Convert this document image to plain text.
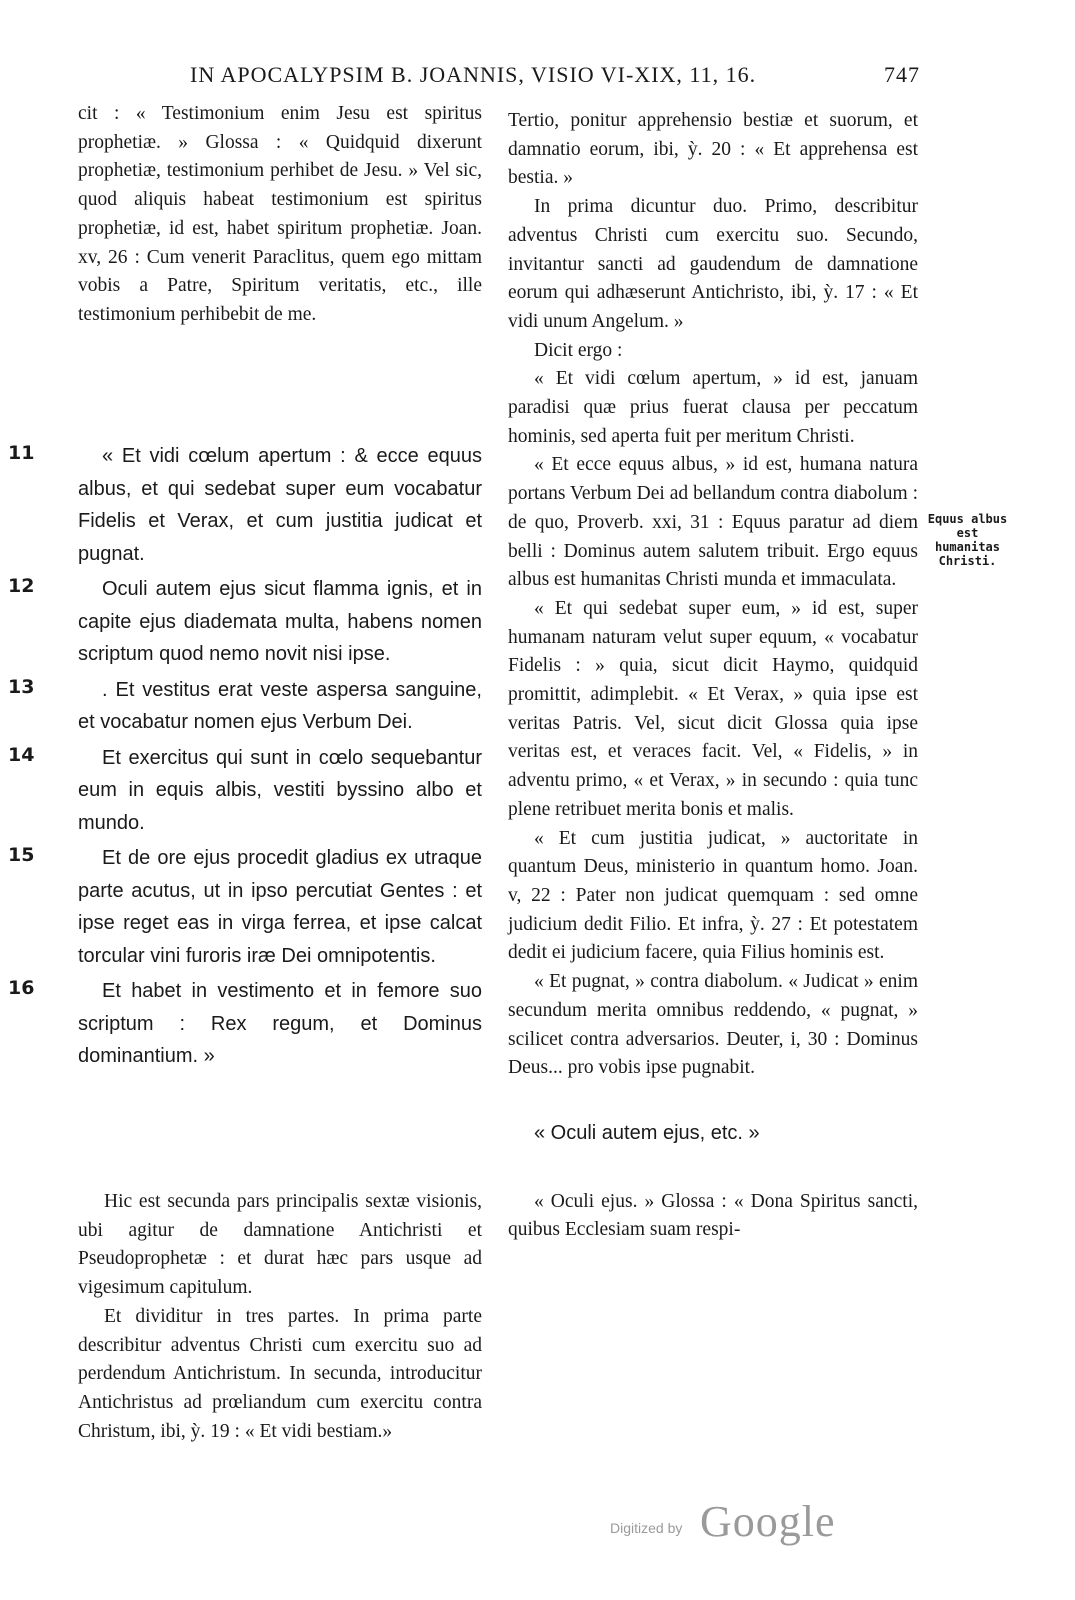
IN APOCALYPSIM B. JOANNIS, VISIO VI-XIX, 11, 16.	747

cit : « Testimonium enim Jesu est spiritus prophetiæ. » Glossa : « Quidquid dixerunt prophetiæ, testimonium perhibet de Jesu. » Vel sic, quod aliquis habeat testimonium est spiritus prophetiæ, id est, habet spiritum prophetiæ. Joan. xv, 26 : Cum venerit Paraclitus, quem ego mittam vobis a Patre, Spiritum veritatis, etc., ille testimonium perhibebit de me.

11	« Et vidi cœlum apertum : & ecce equus albus, et qui sedebat super eum vocabatur Fidelis et Verax, et cum justitia judicat et pugnat.
12	Oculi autem ejus sicut flamma ignis, et in capite ejus diademata multa, habens nomen scriptum quod nemo novit nisi ipse.
13	. Et vestitus erat veste aspersa sanguine, et vocabatur nomen ejus Verbum Dei.
14	Et exercitus qui sunt in cœlo sequebantur eum in equis albis, vestiti byssino albo et mundo.
15	Et de ore ejus procedit gladius ex utraque parte acutus, ut in ipso percutiat Gentes : et ipse reget eas in virga ferrea, et ipse calcat torcular vini furoris iræ Dei omnipotentis.
16	Et habet in vestimento et in femore suo scriptum : Rex regum, et Dominus dominantium. »

Hic est secunda pars principalis sextæ visionis, ubi agitur de damnatione Antichristi et Pseudoprophetæ : et durat hæc pars usque ad vigesimum capitulum.

Et dividitur in tres partes. In prima parte describitur adventus Christi cum exercitu suo ad perdendum Antichristum. In secunda, introducitur Antichristus ad prœliandum cum exercitu contra Christum, ibi, ỳ. 19 : « Et vidi bestiam.»

Tertio, ponitur apprehensio bestiæ et suorum, et damnatio eorum, ibi, ỳ. 20 : « Et apprehensa est bestia. »

In prima dicuntur duo. Primo, describitur adventus Christi cum exercitu suo. Secundo, invitantur sancti ad gaudendum de damnatione eorum qui adhæserunt Antichristo, ibi, ỳ. 17 : « Et vidi unum Angelum. »

Dicit ergo :

« Et vidi cœlum apertum, » id est, januam paradisi quæ prius fuerat clausa per peccatum hominis, sed aperta fuit per meritum Christi.

« Et ecce equus albus, » id est, humana natura portans Verbum Dei ad bellandum contra diabolum : de quo, Proverb. xxi, 31 : Equus paratur ad diem belli : Dominus autem salutem tribuit. Ergo equus albus est humanitas Christi munda et immaculata.

« Et qui sedebat super eum, » id est, super humanam naturam velut super equum, « vocabatur Fidelis : » quia, sicut dicit Haymo, quidquid promittit, adimplebit. « Et Verax, » quia ipse est veritas Patris. Vel, sicut dicit Glossa quia ipse veritas est, et veraces facit. Vel, « Fidelis, » in adventu primo, « et Verax, » in secundo : quia tunc plene retribuet merita bonis et malis.

« Et cum justitia judicat, » auctoritate in quantum Deus, ministerio in quantum homo. Joan. v, 22 : Pater non judicat quemquam : sed omne judicium dedit Filio. Et infra, ỳ. 27 : Et potestatem dedit ei judicium facere, quia Filius hominis est.

« Et pugnat, » contra diabolum. « Judicat » enim secundum merita omnibus reddendo, « pugnat, » scilicet contra adversarios. Deuter, i, 30 : Dominus Deus... pro vobis ipse pugnabit.

« Oculi autem ejus, etc. »

« Oculi ejus. » Glossa : « Dona Spiritus sancti, quibus Ecclesiam suam respi-

Equus albus est humanitas Christi.
Digitized by Google
